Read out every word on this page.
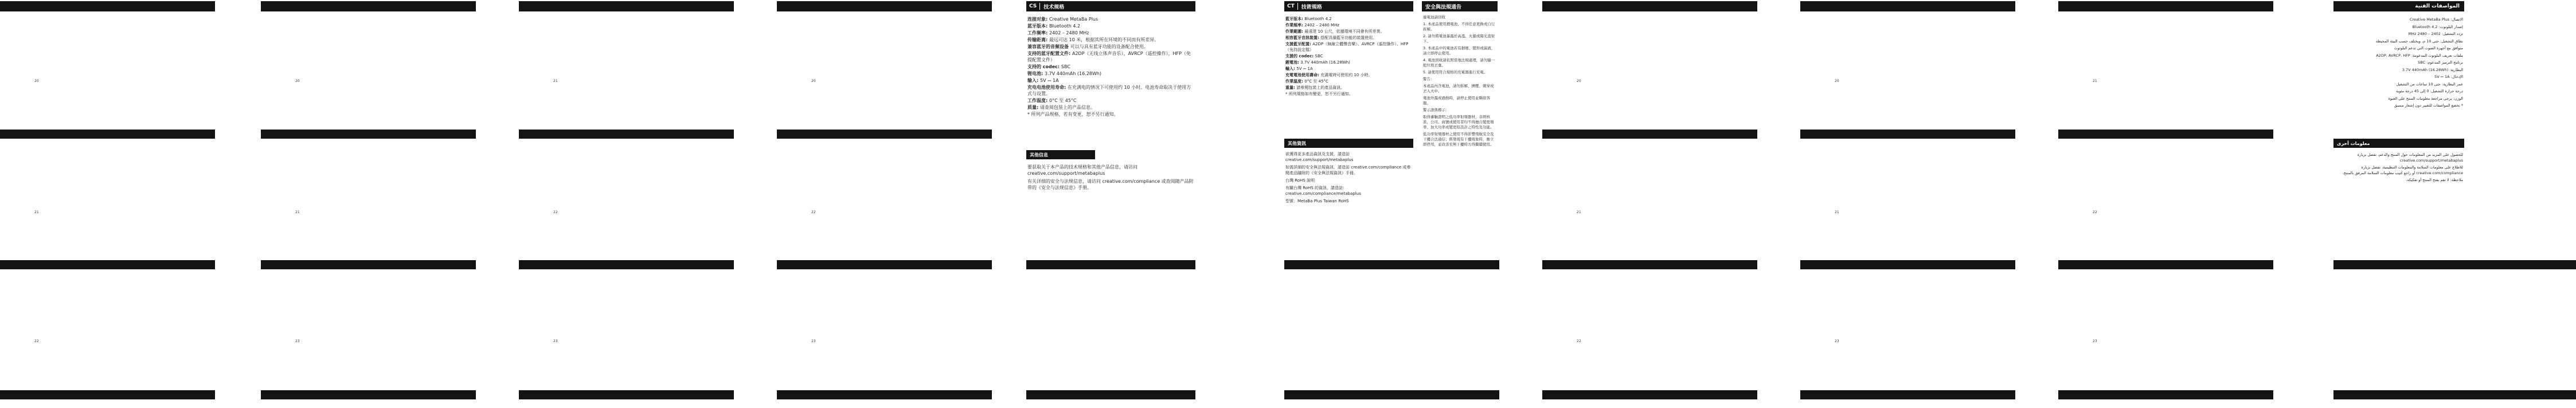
20
21
22
20
21
23
21
22
23
20
22
23
20
21
22
20
21
23
21
22
23
CS	技术规格

连接对象: Creative MetaBa Plus

蓝牙版本: Bluetooth 4.2

工作频率: 2402 – 2480 MHz

传输距离: 最远可达 10 米，根据其所在环境的不同而有所差异。

兼容蓝牙的音频设备 可以与具有蓝牙功能的设备配合使用。

支持的蓝牙配置文件: A2DP（无线立体声音乐），AVRCP（遥控操作），HFP（免提配置文件）

支持的 codec: SBC

锂电池: 3.7V 440mAh (16.28Wh)

输入: 5V ⎓ 1A

充电电池使用寿命: 在充满电的情况下可使用约 10 小时。电池寿命取决于使用方式与设置。

工作温度: 0°C 至 45°C

质量: 请查阅包装上的产品信息。

* 所列产品规格，若有变更，恕不另行通知。

其他信息

要获取关于本产品的技术规格和其他产品信息，请访问 creative.com/support/metabaplus

有关详细的安全与法规信息，请访问 creative.com/compliance 或查阅随产品附带的《安全与法规信息》手册。

CT	技術規格

藍牙版本: Bluetooth 4.2

作業頻率: 2402 – 2480 MHz

作業範圍: 最遠達 10 公尺，依據環境不同會有所差異。

相容藍牙音訊裝置: 搭配具備藍牙功能的裝置使用。

支援藍牙配置: A2DP（無線立體聲音樂）、AVRCP（遙控操作）、HFP（免持設定檔）

支援的 codec: SBC

鋰電池: 3.7V 440mAh (16.28Wh)

輸入: 5V ⎓ 1A

充電電池使用壽命: 充滿電時可使用約 10 小時。

作業溫度: 0°C 至 45°C

重量: 請參閱包裝上的產品資訊。

* 所列規格如有變更，恕不另行通知。

其他資訊

欲獲得更多產品資訊及支援，請造訪 creative.com/support/metabaplus

如需詳細的安全與法規資訊，請造訪 creative.com/compliance 或參閱產品隨附的《安全與法規資訊》手冊。

台灣 RoHS 說明

有關台灣 RoHS 的資訊，請造訪：creative.com/compliance/metabaplus

型號：MetaBa Plus Taiwan RoHS

安全與法規通告

廢電池請回收

1. 本產品使用鋰電池，不得任意更換或自行拆解。

2. 請勿將電池暴露於高溫、火源或陽光直射下。

3. 本產品中的電池若有損壞、變形或漏液，請立即停止使用。

4. 電池回收請依照當地法規處理，請勿隨一般垃圾丟棄。

5. 請使用符合規格的充電器進行充電。

警告：

本產品內含電池，請勿拆解、擠壓、刺穿或丟入火中。

電池外露或過熱時，請停止使用並聯絡客服。

警示語與標示：

取得審驗證明之低功率射頻器材，非經核准，公司、商號或使用者均不得擅自變更頻率、加大功率或變更原設計之特性及功能。

低功率射頻器材之使用不得影響飛航安全及干擾合法通信；經發現有干擾現象時，應立即停用，並改善至無干擾時方得繼續使用。

المواصفات الفنية

الاتصال: Creative MetaBa Plus

إصدار البلوتوث: Bluetooth 4.2

تردد التشغيل: 2402 – 2480 MHz

نطاق التشغيل: حتى 10 م، ويختلف حسب البيئة المحيطة

متوافق مع أجهزة الصوت التي تدعم البلوتوث

ملفات تعريف البلوتوث المدعومة: A2DP، AVRCP، HFP

برنامج الترميز المدعوم: SBC

البطارية: 3.7V 440mAh (16.28Wh)

الإدخال: 5V ⎓ 1A

عمر البطارية: حتى 10 ساعات من التشغيل

درجة حرارة التشغيل: 0 إلى 45 درجة مئوية

الوزن: يرجى مراجعة معلومات المنتج على العبوة

* تخضع المواصفات للتغيير دون إشعار مسبق

معلومات أخرى

للحصول على المزيد من المعلومات حول المنتج والدعم، تفضل بزيارة creative.com/support/metabaplus

للاطلاع على معلومات السلامة والمعلومات التنظيمية، تفضل بزيارة creative.com/compliance أو راجع كتيب معلومات السلامة المرفق بالمنتج.

ملاحظة: لا تقم بفتح المنتج أو تفكيكه.
